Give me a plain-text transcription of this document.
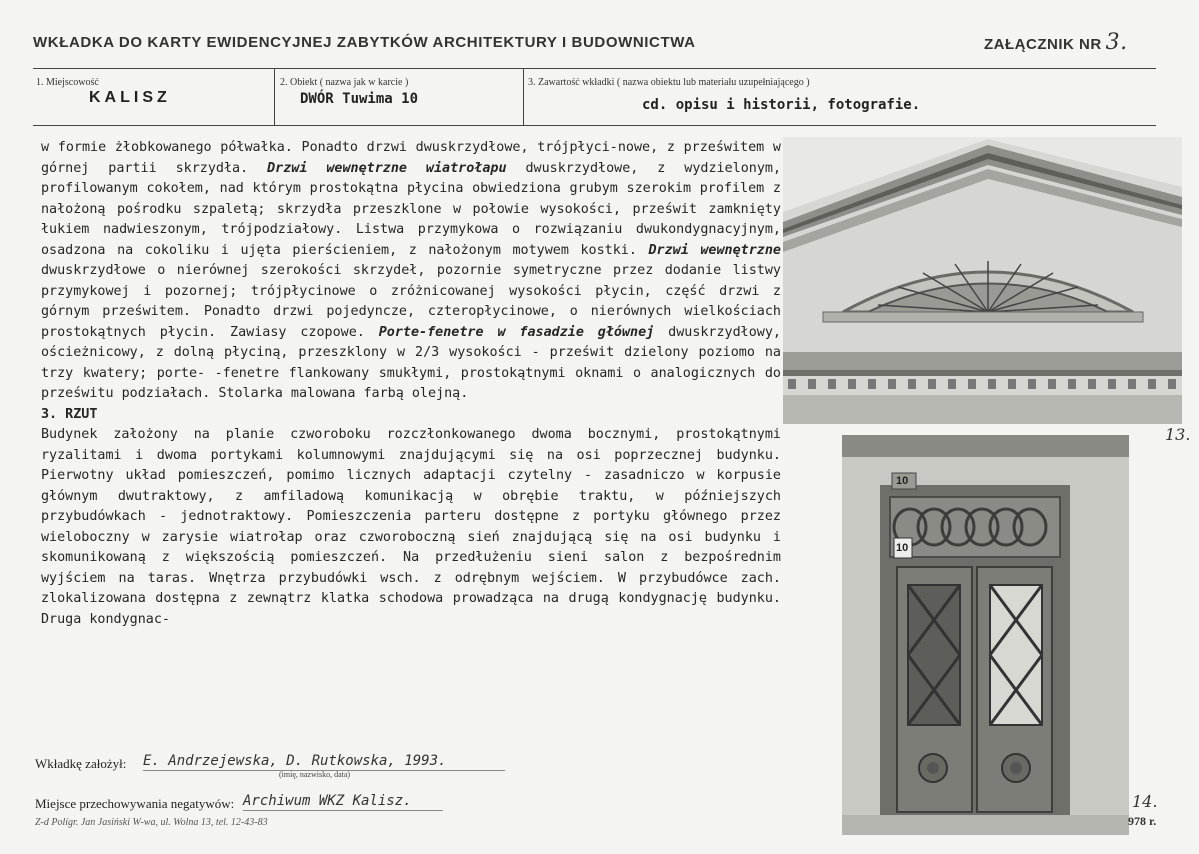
WKŁADKA DO KARTY EWIDENCYJNEJ ZABYTKÓW ARCHITEKTURY I BUDOWNICTWA	ZAŁĄCZNIK NR 3.
1. Miejscowość
KALISZ
2. Obiekt ( nazwa jak w karcie )
DWÓR Tuwima 10
3. Zawartość wkładki ( nazwa obiektu lub materiału uzupełniającego )
cd. opisu i historii, fotografie.

w formie żłobkowanego półwałka. Ponadto drzwi dwuskrzydłowe, trójpłyci-nowe, z prześwitem w górnej partii skrzydła. Drzwi wewnętrzne wiatrołapu dwuskrzydłowe, z wydzielonym, profilowanym cokołem, nad którym prostokątna płycina obwiedziona grubym szerokim profilem z nałożoną pośrodku szpaletą; skrzydła przeszklone w połowie wysokości, prześwit zamknięty łukiem nadwieszonym, trójpodziałowy. Listwa przymykowa o rozwiązaniu dwukondygnacyjnym, osadzona na cokoliku i ujęta pierścieniem, z nałożonym motywem kostki. Drzwi wewnętrzne dwuskrzydłowe o nierównej szerokości skrzydeł, pozornie symetryczne przez dodanie listwy przymykowej i pozornej; trójpłycinowe o zróżnicowanej wysokości płycin, część drzwi z górnym prześwitem. Ponadto drzwi pojedyncze, czteropłycinowe, o nierównych wielkościach prostokątnych płycin. Zawiasy czopowe. Porte-fenetre w fasadzie głównej dwuskrzydłowy, ościeżnicowy, z dolną płyciną, przeszklony w 2/3 wysokości - prześwit dzielony poziomo na trzy kwatery; porte- -fenetre flankowany smukłymi, prostokątnymi oknami o analogicznych do prześwitu podziałach. Stolarka malowana farbą olejną.

3. RZUT

Budynek założony na planie czworoboku rozczłonkowanego dwoma bocznymi, prostokątnymi ryzalitami i dwoma portykami kolumnowymi znajdującymi się na osi poprzecznej budynku. Pierwotny układ pomieszczeń, pomimo licznych adaptacji czytelny - zasadniczo w korpusie głównym dwutraktowy, z amfiladową komunikacją w obrębie traktu, w późniejszych przybudówkach - jednotraktowy. Pomieszczenia parteru dostępne z portyku głównego przez wieloboczny w zarysie wiatrołap oraz czworoboczną sień znajdującą się na osi budynku i skomunikowaną z większością pomieszczeń. Na przedłużeniu sieni salon z bezpośrednim wyjściem na taras. Wnętrza przybudówki wsch. z odrębnym wejściem. W przybudówce zach. zlokalizowana dostępna z zewnątrz klatka schodowa prowadząca na drugą kondygnację budynku. Druga kondygnac-

10
10
13.
14.
Wkładkę założył: E. Andrzejewska, D. Rutkowska, 1993.
(imię, nazwisko, data)
Miejsce przechowywania negatywów: Archiwum WKZ Kalisz.
Z-d Polígr. Jan Jasiński W-wa, ul. Wolna 13, tel. 12-43-83	978 r.
